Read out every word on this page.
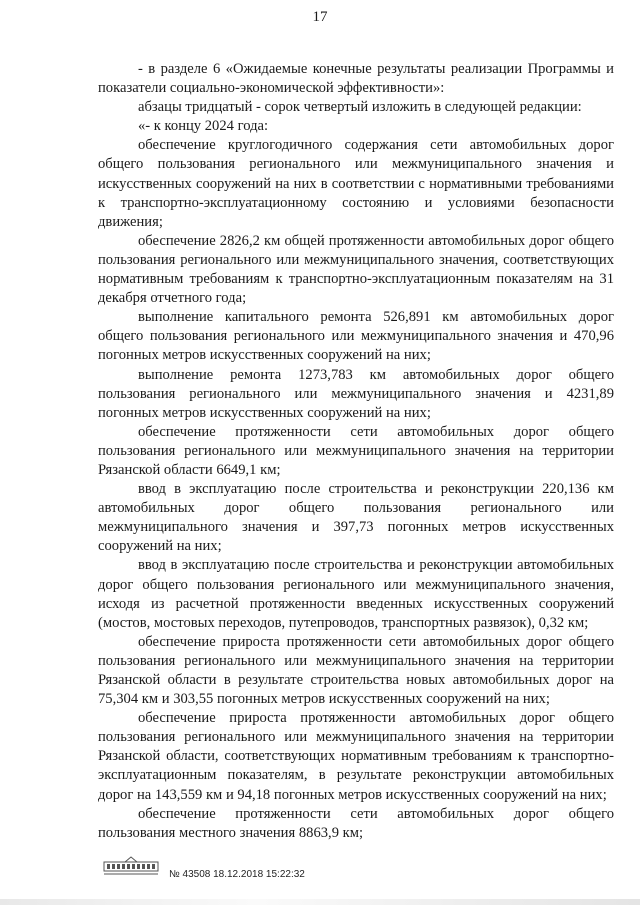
17

- в разделе 6 «Ожидаемые конечные результаты реализации Программы и показатели социально-экономической эффективности»:

абзацы тридцатый - сорок четвертый изложить в следующей редакции:

«- к концу 2024 года:

обеспечение круглогодичного содержания сети автомобильных дорог общего пользования регионального или межмуниципального значения и искусственных сооружений на них в соответствии с нормативными требованиями к транспортно-эксплуатационному состоянию и условиями безопасности движения;

обеспечение 2826,2 км общей протяженности автомобильных дорог общего пользования регионального или межмуниципального значения, соответствующих нормативным требованиям к транспортно-эксплуатационным показателям на 31 декабря отчетного года;

выполнение капитального ремонта 526,891 км автомобильных дорог общего пользования регионального или межмуниципального значения и 470,96 погонных метров искусственных сооружений на них;

выполнение ремонта 1273,783 км автомобильных дорог общего пользования регионального или межмуниципального значения и 4231,89 погонных метров искусственных сооружений на них;

обеспечение протяженности сети автомобильных дорог общего пользования регионального или межмуниципального значения на территории Рязанской области 6649,1 км;

ввод в эксплуатацию после строительства и реконструкции 220,136 км автомобильных дорог общего пользования регионального или межмуниципального значения и 397,73 погонных метров искусственных сооружений на них;

ввод в эксплуатацию после строительства и реконструкции автомобильных дорог общего пользования регионального или межмуниципального значения, исходя из расчетной протяженности введенных искусственных сооружений (мостов, мостовых переходов, путепроводов, транспортных развязок), 0,32 км;

обеспечение прироста протяженности сети автомобильных дорог общего пользования регионального или межмуниципального значения на территории Рязанской области в результате строительства новых автомобильных дорог на 75,304 км и 303,55 погонных метров искусственных сооружений на них;

обеспечение прироста протяженности автомобильных дорог общего пользования регионального или межмуниципального значения на территории Рязанской области, соответствующих нормативным требованиям к транспортно-эксплуатационным показателям, в результате реконструкции автомобильных дорог на 143,559 км и 94,18 погонных метров искусственных сооружений на них;

обеспечение протяженности сети автомобильных дорог общего пользования местного значения 8863,9 км;

№ 43508 18.12.2018 15:22:32
